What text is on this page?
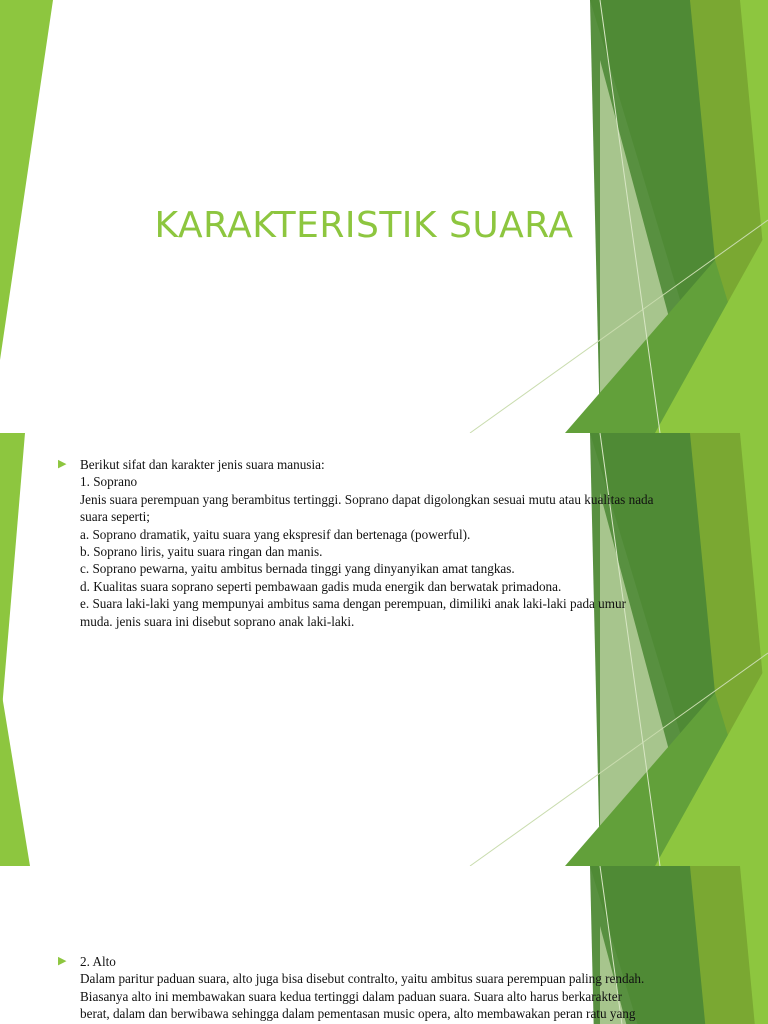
KARAKTERISTIK SUARA
▶	Berikut sifat dan karakter jenis suara manusia:
1. Soprano
Jenis suara perempuan yang berambitus tertinggi. Soprano dapat digolongkan sesuai mutu atau kualitas nada
suara seperti;
a. Soprano dramatik, yaitu suara yang ekspresif dan bertenaga (powerful).
b. Soprano liris, yaitu suara ringan dan manis.
c. Soprano pewarna, yaitu ambitus bernada tinggi yang dinyanyikan amat tangkas.
d. Kualitas suara soprano seperti pembawaan gadis muda energik dan berwatak primadona.
e. Suara laki-laki yang mempunyai ambitus sama dengan perempuan, dimiliki anak laki-laki pada umur
muda. jenis suara ini disebut soprano anak laki-laki.
▶	2. Alto
Dalam paritur paduan suara, alto juga bisa disebut contralto, yaitu ambitus suara perempuan paling rendah.
Biasanya alto ini membawakan suara kedua tertinggi dalam paduan suara. Suara alto harus berkarakter
berat, dalam dan berwibawa sehingga dalam pementasan music opera, alto membawakan peran ratu yang
